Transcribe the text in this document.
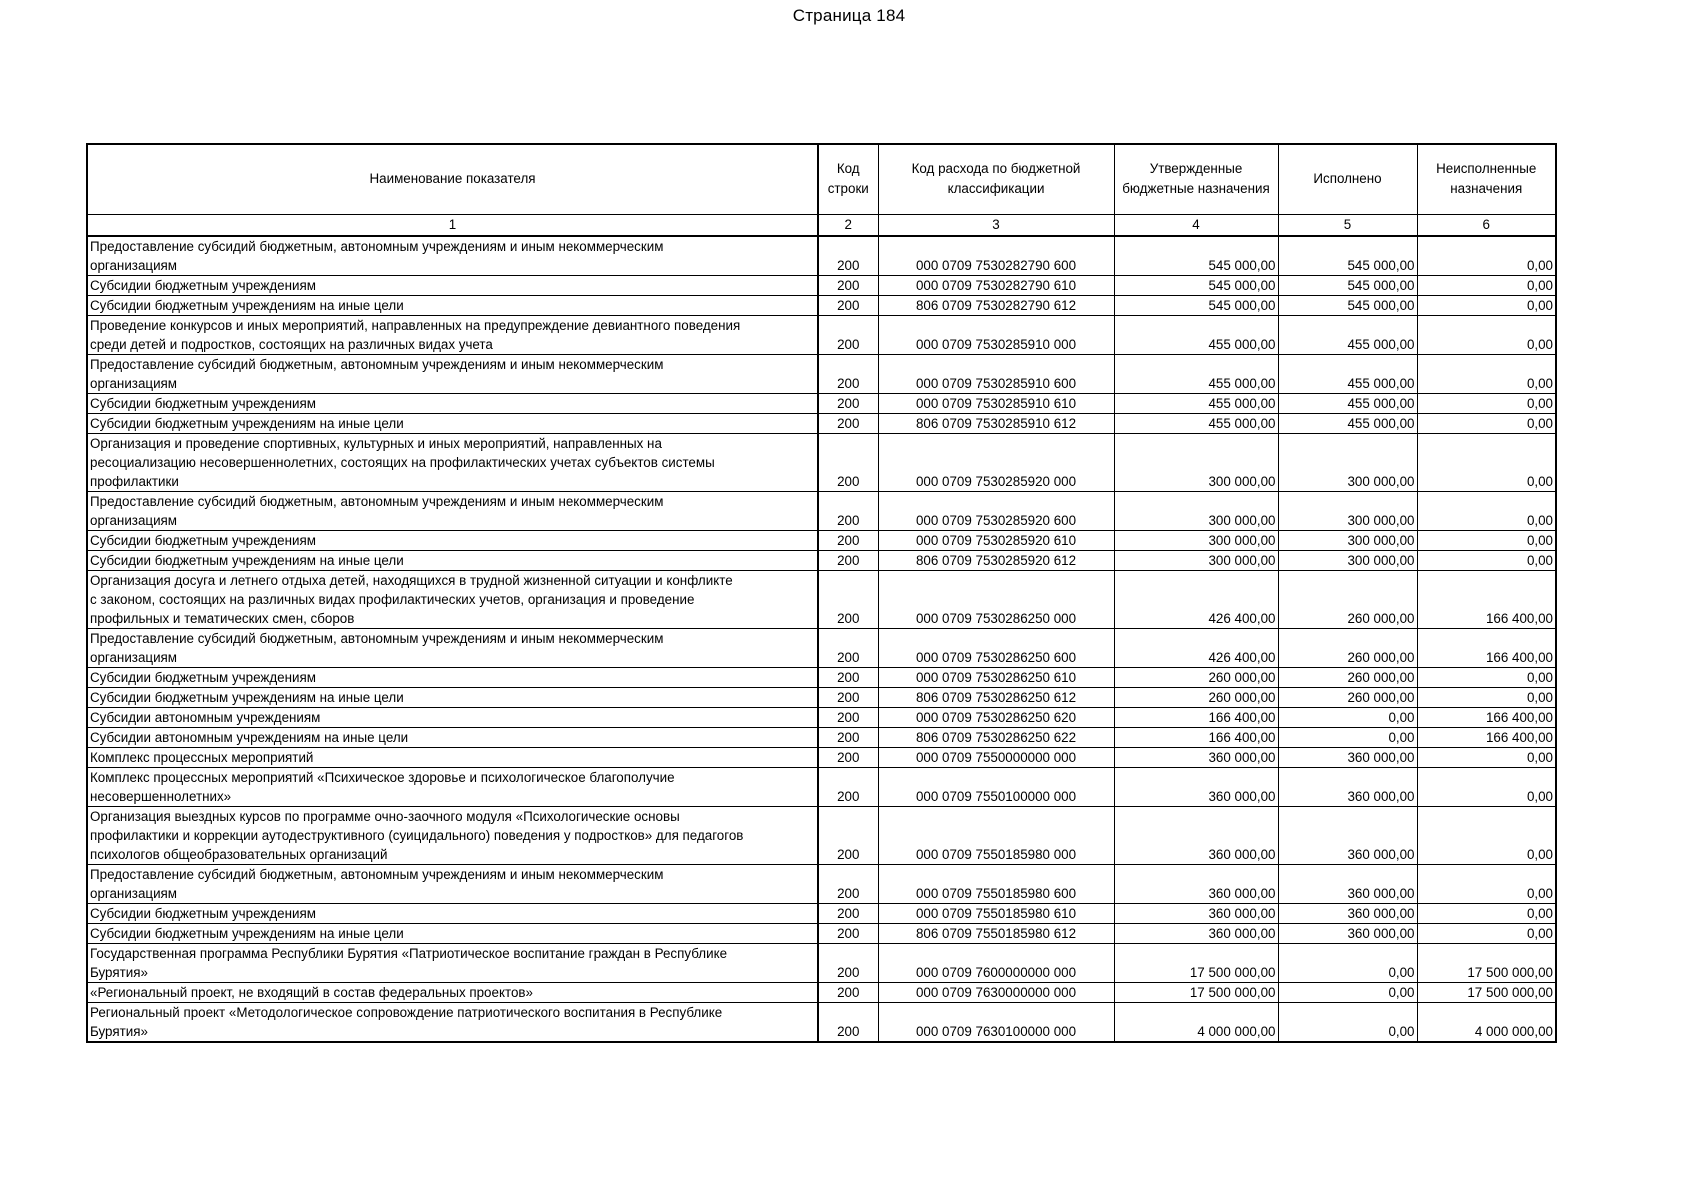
Страница 184
Наименование показателя	Код строки	Код расхода по бюджетной классификации	Утвержденные бюджетные назначения	Исполнено	Неисполненные назначения
1	2	3	4	5	6
Предоставление субсидий бюджетным, автономным учреждениям и иным некоммерческим
организациям	200	000 0709 7530282790 600	545 000,00	545 000,00	0,00
Субсидии бюджетным учреждениям	200	000 0709 7530282790 610	545 000,00	545 000,00	0,00
Субсидии бюджетным учреждениям на иные цели	200	806 0709 7530282790 612	545 000,00	545 000,00	0,00
Проведение конкурсов и иных мероприятий, направленных на предупреждение девиантного поведения
среди детей и подростков, состоящих на различных видах учета	200	000 0709 7530285910 000	455 000,00	455 000,00	0,00
Предоставление субсидий бюджетным, автономным учреждениям и иным некоммерческим
организациям	200	000 0709 7530285910 600	455 000,00	455 000,00	0,00
Субсидии бюджетным учреждениям	200	000 0709 7530285910 610	455 000,00	455 000,00	0,00
Субсидии бюджетным учреждениям на иные цели	200	806 0709 7530285910 612	455 000,00	455 000,00	0,00
Организация и проведение спортивных, культурных и иных мероприятий, направленных на
ресоциализацию несовершеннолетних, состоящих на профилактических учетах субъектов системы
профилактики	200	000 0709 7530285920 000	300 000,00	300 000,00	0,00
Предоставление субсидий бюджетным, автономным учреждениям и иным некоммерческим
организациям	200	000 0709 7530285920 600	300 000,00	300 000,00	0,00
Субсидии бюджетным учреждениям	200	000 0709 7530285920 610	300 000,00	300 000,00	0,00
Субсидии бюджетным учреждениям на иные цели	200	806 0709 7530285920 612	300 000,00	300 000,00	0,00
Организация досуга и летнего отдыха детей, находящихся в трудной жизненной ситуации и конфликте
с законом, состоящих на различных видах профилактических учетов, организация и проведение
профильных и тематических смен, сборов	200	000 0709 7530286250 000	426 400,00	260 000,00	166 400,00
Предоставление субсидий бюджетным, автономным учреждениям и иным некоммерческим
организациям	200	000 0709 7530286250 600	426 400,00	260 000,00	166 400,00
Субсидии бюджетным учреждениям	200	000 0709 7530286250 610	260 000,00	260 000,00	0,00
Субсидии бюджетным учреждениям на иные цели	200	806 0709 7530286250 612	260 000,00	260 000,00	0,00
Субсидии автономным учреждениям	200	000 0709 7530286250 620	166 400,00	0,00	166 400,00
Субсидии автономным учреждениям на иные цели	200	806 0709 7530286250 622	166 400,00	0,00	166 400,00
Комплекс процессных мероприятий	200	000 0709 7550000000 000	360 000,00	360 000,00	0,00
Комплекс процессных мероприятий «Психическое здоровье и психологическое благополучие
несовершеннолетних»	200	000 0709 7550100000 000	360 000,00	360 000,00	0,00
Организация выездных курсов по программе очно-заочного модуля «Психологические основы
профилактики и коррекции аутодеструктивного (суицидального) поведения у подростков» для педагогов
психологов общеобразовательных организаций	200	000 0709 7550185980 000	360 000,00	360 000,00	0,00
Предоставление субсидий бюджетным, автономным учреждениям и иным некоммерческим
организациям	200	000 0709 7550185980 600	360 000,00	360 000,00	0,00
Субсидии бюджетным учреждениям	200	000 0709 7550185980 610	360 000,00	360 000,00	0,00
Субсидии бюджетным учреждениям на иные цели	200	806 0709 7550185980 612	360 000,00	360 000,00	0,00
Государственная программа Республики Бурятия «Патриотическое воспитание граждан в Республике
Бурятия»	200	000 0709 7600000000 000	17 500 000,00	0,00	17 500 000,00
«Региональный проект, не входящий в состав федеральных проектов»	200	000 0709 7630000000 000	17 500 000,00	0,00	17 500 000,00
Региональный проект «Методологическое сопровождение патриотического воспитания в Республике
Бурятия»	200	000 0709 7630100000 000	4 000 000,00	0,00	4 000 000,00
